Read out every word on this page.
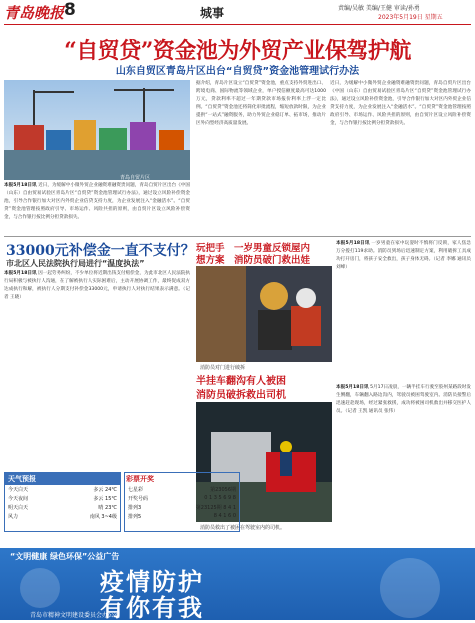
青岛晚报 8	城事	责编/吴敏 美编/王健 审读/孙勇
2023年5月19日 星期五
“自贸贷”资金池为外贸产业保驾护航
山东自贸区青岛片区出台“自贸贷”资金池管理试行办法
青岛自贸片区
本报5月18日讯 近日，为缓解中小微外贸企业融资难融资贵问题，青岛自贸片区出台《中国（山东）自由贸易试验区青岛片区“自贸贷”资金池管理试行办法》，通过设立风险补偿资金池，引导合作银行加大对区内外贸企业信贷支持力度，为企业发展注入“金融活水”。“自贸贷”资金池管理按照政府引导、市场运作、风险共担的原则，由自贸片区设立风险补偿资金，与合作银行按比例分担贷款损失。
据介绍，青岛片区设立“自贸贷”资金池，重点支持外贸进出口、跨境电商、国际物流等领域企业，单户授信额度最高可达1000万元，贷款利率不超过一年期贷款市场报价利率上浮一定比例。“自贸贷”资金池还将简化审批流程，缩短放款时限，为企业提供“一站式”融资服务，助力外贸企业稳订单、拓市场，推动片区外向型经济高质量发展。
近日，为缓解中小微外贸企业融资难融资贵问题，青岛自贸片区出台《中国（山东）自由贸易试验区青岛片区“自贸贷”资金池管理试行办法》，通过设立风险补偿资金池，引导合作银行加大对区内外贸企业信贷支持力度，为企业发展注入“金融活水”。“自贸贷”资金池管理按照政府引导、市场运作、风险共担的原则，由自贸片区设立风险补偿资金，与合作银行按比例分担贷款损失。
33000元补偿金一直不支付？
市北区人民法院执行局进行“温度执法”
本报5月18日讯 因一起劳务纠纷，不少单位将近期出钱支付赔偿金，为此市北区人民法院执行局积极与被执行人沟通，在了解被执行人实际困难后，主动开展协调工作，最终促成双方达成执行和解，被执行人分期支付补偿金33000元，申请执行人对执行结果表示满意。（记者 王晓）
玩把手　一岁男童反锁屋内
想方案　消防员破门救出娃
消防员对门进行破拆
本报5月18日讯 一岁男童在家中玩耍时不慎将门反锁，家人焦急万分拨打119求助。消防员到场后迅速制定方案，利用破拆工具成功打开房门，将孩子安全救出，孩子身体无碍。（记者 李娜 通讯员 刘峰）
半挂车翻沟有人被困
消防员破拆救出司机
消防员救出了被困在驾驶室内的司机。
本报5月18日讯 5月17日凌晨，一辆半挂车行驶至胶州某路段时发生侧翻，车辆翻入路边沟内，驾驶员被困驾驶室内。消防员接警后迅速赶赴现场，经过紧张救援，成功将被困司机救出并移交医护人员。（记者 王凯 通讯员 张伟）
天气预报
今天白天	多云 24℃
今天夜间	多云 15℃
明天白天	晴 23℃
风力	南风 3~4级
七星彩	第23056期
开奖号码	0 1 3 5 6 9 8
排列3	第23125期 8 4 1
排列5	8 4 1 6 0
彩票开奖
“文明健康 绿色环保”公益广告
疫情防护
有你有我
青岛市精神文明建设委员会办公室
